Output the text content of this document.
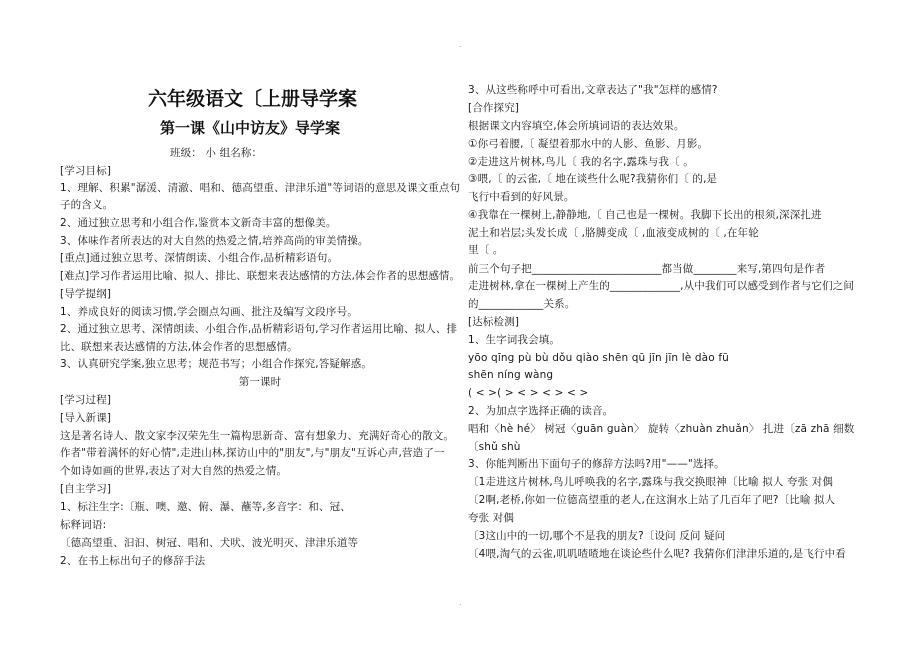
.
.
六年级语文〔上册导学案
第一课《山中访友》导学案
班级： 小 组名称：
[学习目标]
1、理解、积累"潺湲、清澈、唱和、德高望重、津津乐道"等词语的意思及课文重点句
子的含义。
2、通过独立思考和小组合作,鉴赏本文新奇丰富的想像美。
3、体味作者所表达的对大自然的热爱之情,培养高尚的审美情操。
[重点]通过独立思考、深情朗读、小组合作,品析精彩语句。
[难点]学习作者运用比喻、拟人、排比、联想来表达感情的方法,体会作者的思想感情。
[导学提纲]
1、养成良好的阅读习惯,学会圈点勾画、批注及编写文段序号。
2、通过独立思考、深情朗读、小组合作,品析精彩语句,学习作者运用比喻、拟人、排
比、联想来表达感情的方法,体会作者的思想感情。
3、认真研究学案,独立思考；规范书写；小组合作探究,答疑解惑。
第一课时
[学习过程]
[导入新课]
这是著名诗人、散文家李汉荣先生一篇构思新奇、富有想象力、充满好奇心的散文。
作者"带着满怀的好心情",走进山林,探访山中的"朋友",与"朋友"互诉心声,营造了一
个如诗如画的世界,表达了对大自然的热爱之情。
[自主学习]
1、标注生字:〔瓶、噢、邀、俯、瀑、蘸等,多音字：和、冠、
标释词语:
〔德高望重、汩汩、树冠、唱和、犬吠、波光明灭、津津乐道等
2、在书上标出句子的修辞手法
3、从这些称呼中可看出,文章表达了"我"怎样的感情?
[合作探究]
根据课文内容填空,体会所填词语的表达效果。
①你弓着腰,〔 凝望着那水中的人影、鱼影、月影。
②走进这片树林,鸟儿〔 我的名字,露珠与我〔 。
③喂,〔 的云雀,〔 地在谈些什么呢?我猜你们〔 的,是
飞行中看到的好风景。
④我靠在一棵树上,静静地,〔 自己也是一棵树。我脚下长出的根须,深深扎进
泥土和岩层;头发长成〔 ,胳膊变成〔 ,血液变成树的〔 ,在年轮
里〔 。
前三个句子把________________________都当做________来写,第四句是作者
走进树林,拿在一棵树上产生的_____________,从中我们可以感受到作者与它们之间
的____________关系。
[达标检测]
1、生字词我会填。
yōo qīng pù bù dǒu qiào shēn qū jīn jīn lè dào fū
shēn níng wàng
( < >( > < > < > < >
2、为加点字选择正确的读音。
唱和〈hè hé〉 树冠〈guān guàn〉 旋转〈zhuàn zhuǎn〉 扎进〔zā zhā 细数
〔shǔ shù
3、你能判断出下面句子的修辞方法吗?用"——"选择。
〔1走进这片树林,鸟儿呼唤我的名字,露珠与我交换眼神〔比喻 拟人 夸张 对偶
〔2啊,老桥,你如一位德高望重的老人,在这涧水上站了几百年了吧?〔比喻 拟人
夸张 对偶
〔3这山中的一切,哪个不是我的朋友?〔设问 反问 疑问
〔4喂,淘气的云雀,叽叽喳喳地在谈论些什么呢? 我猜你们津津乐道的,是飞行中看
